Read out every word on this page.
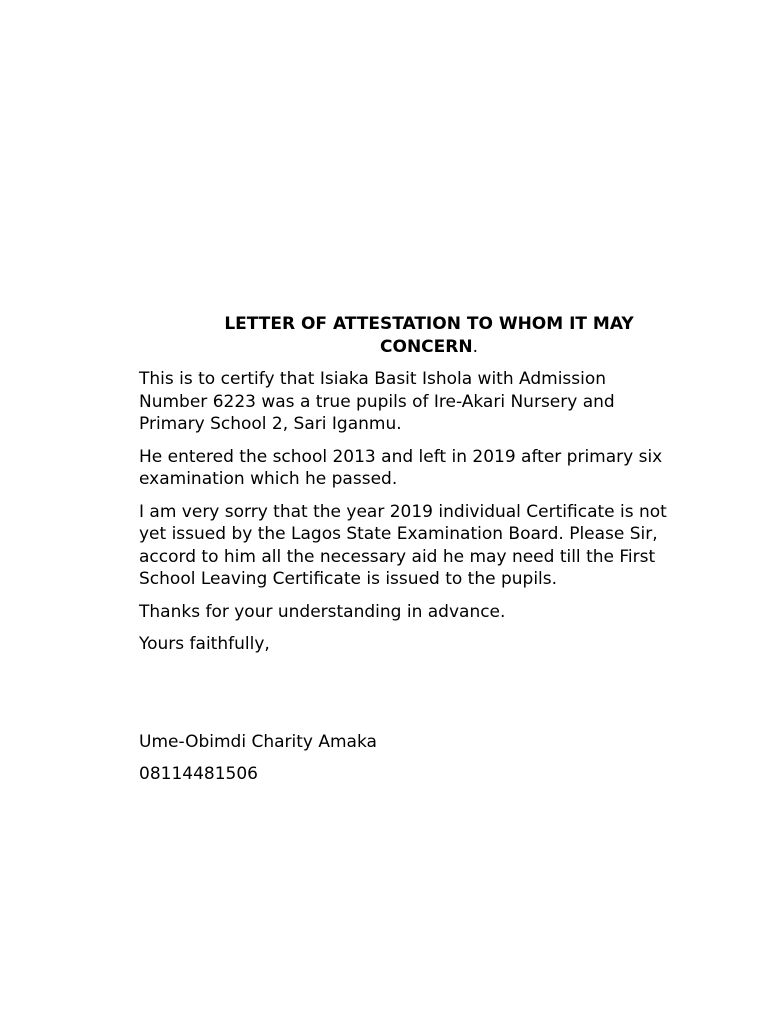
LETTER OF ATTESTATION TO WHOM IT MAY CONCERN.
This is to certify that Isiaka Basit Ishola with Admission Number 6223 was a true pupils of Ire-Akari Nursery and Primary School 2, Sari Iganmu.
He entered the school 2013 and left in 2019 after primary six examination which he passed.
I am very sorry that the year 2019 individual Certificate is not yet issued by the Lagos State Examination Board. Please Sir, accord to him all the necessary aid he may need till the First School Leaving Certificate is issued to the pupils.
Thanks for your understanding in advance.
Yours faithfully,
Ume-Obimdi Charity Amaka
08114481506
